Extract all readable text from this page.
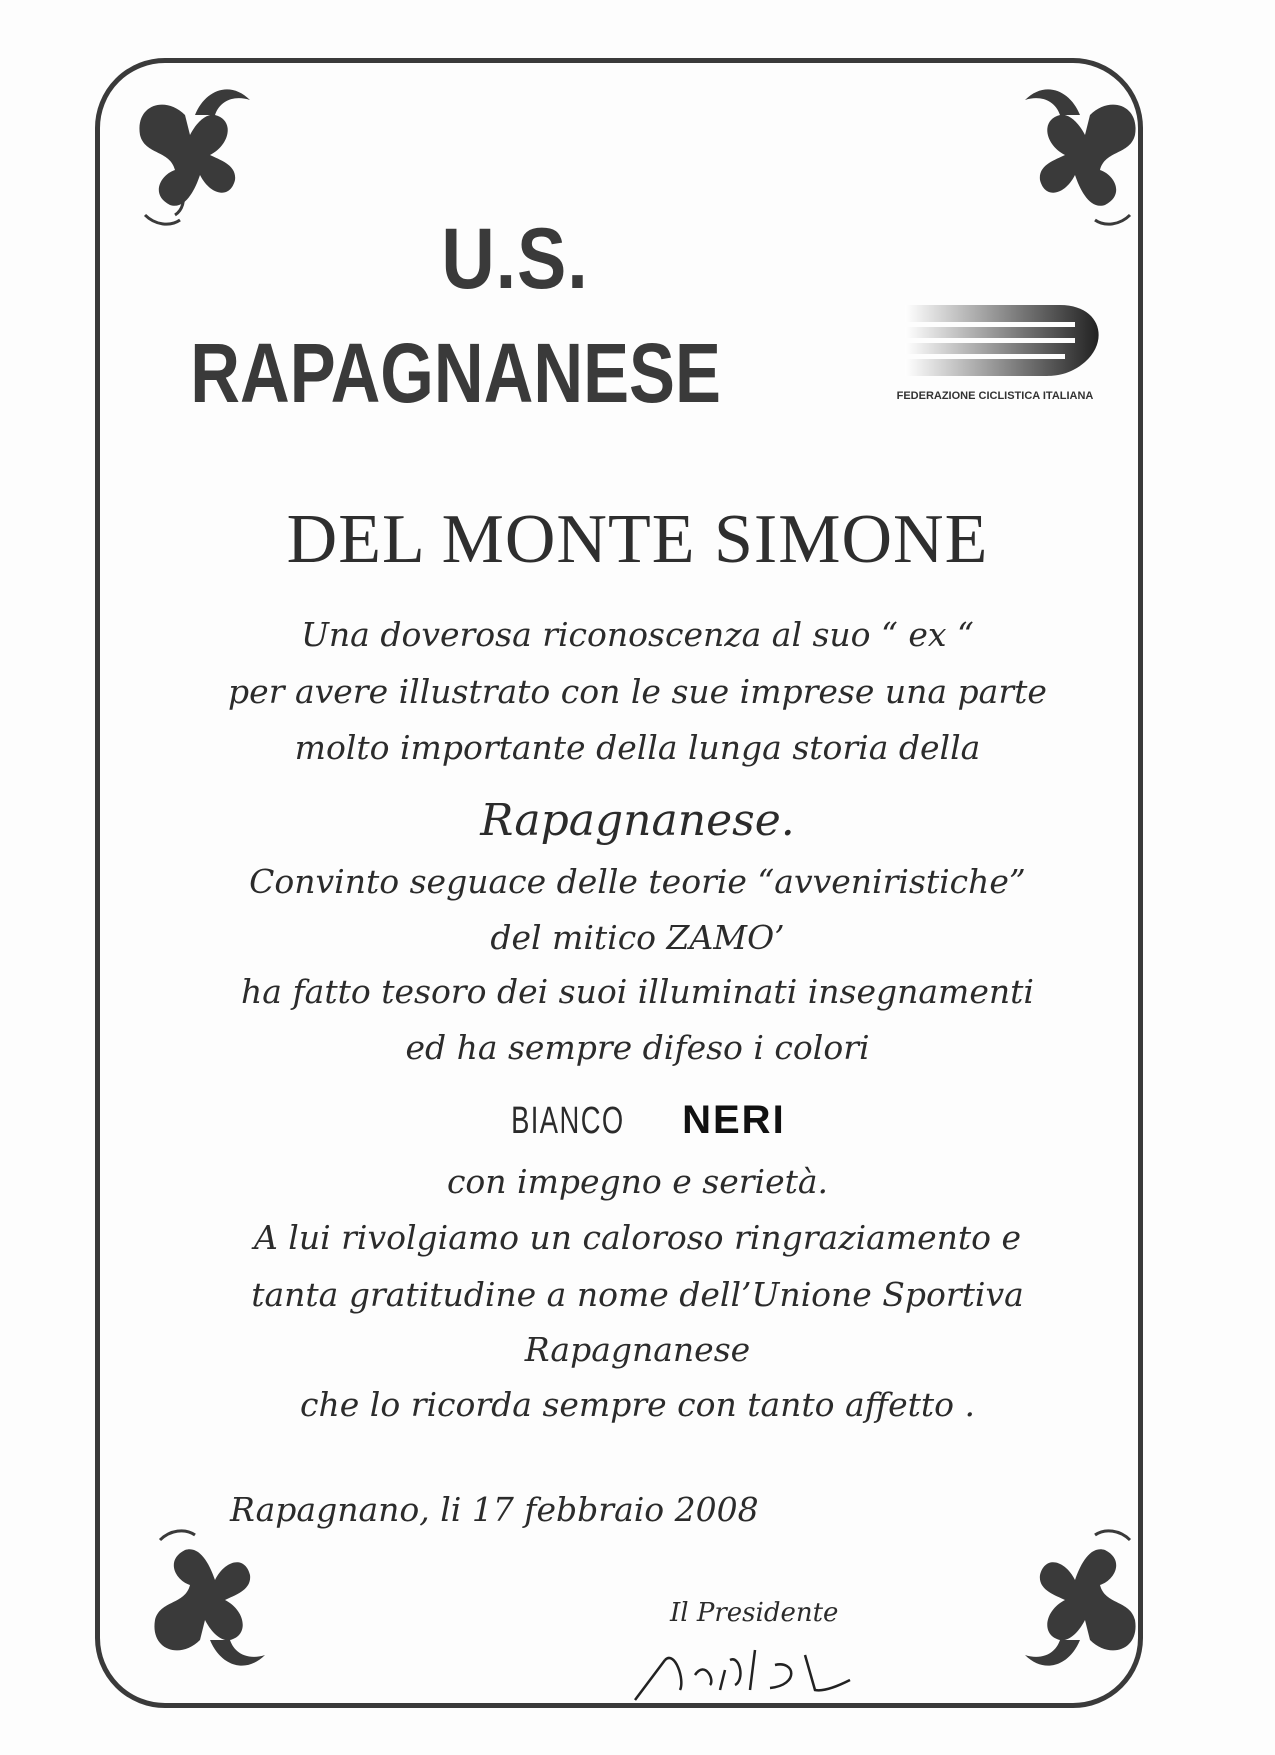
U.S.
RAPAGNANESE	FEDERAZIONE CICLISTICA ITALIANA
DEL MONTE SIMONE
Una doverosa riconoscenza al suo “ ex “
per avere illustrato con le sue imprese una parte
molto importante della lunga storia della
Rapagnanese.
Convinto seguace delle teorie “avveniristiche”
del mitico ZAMO’
ha fatto tesoro dei suoi illuminati insegnamenti
ed ha sempre difeso i colori
BIANCO NERI
con impegno e serietà.
A lui rivolgiamo un caloroso ringraziamento e
tanta gratitudine a nome dell’Unione Sportiva
Rapagnanese
che lo ricorda sempre con tanto affetto .
Rapagnano, li 17 febbraio 2008
Il Presidente
